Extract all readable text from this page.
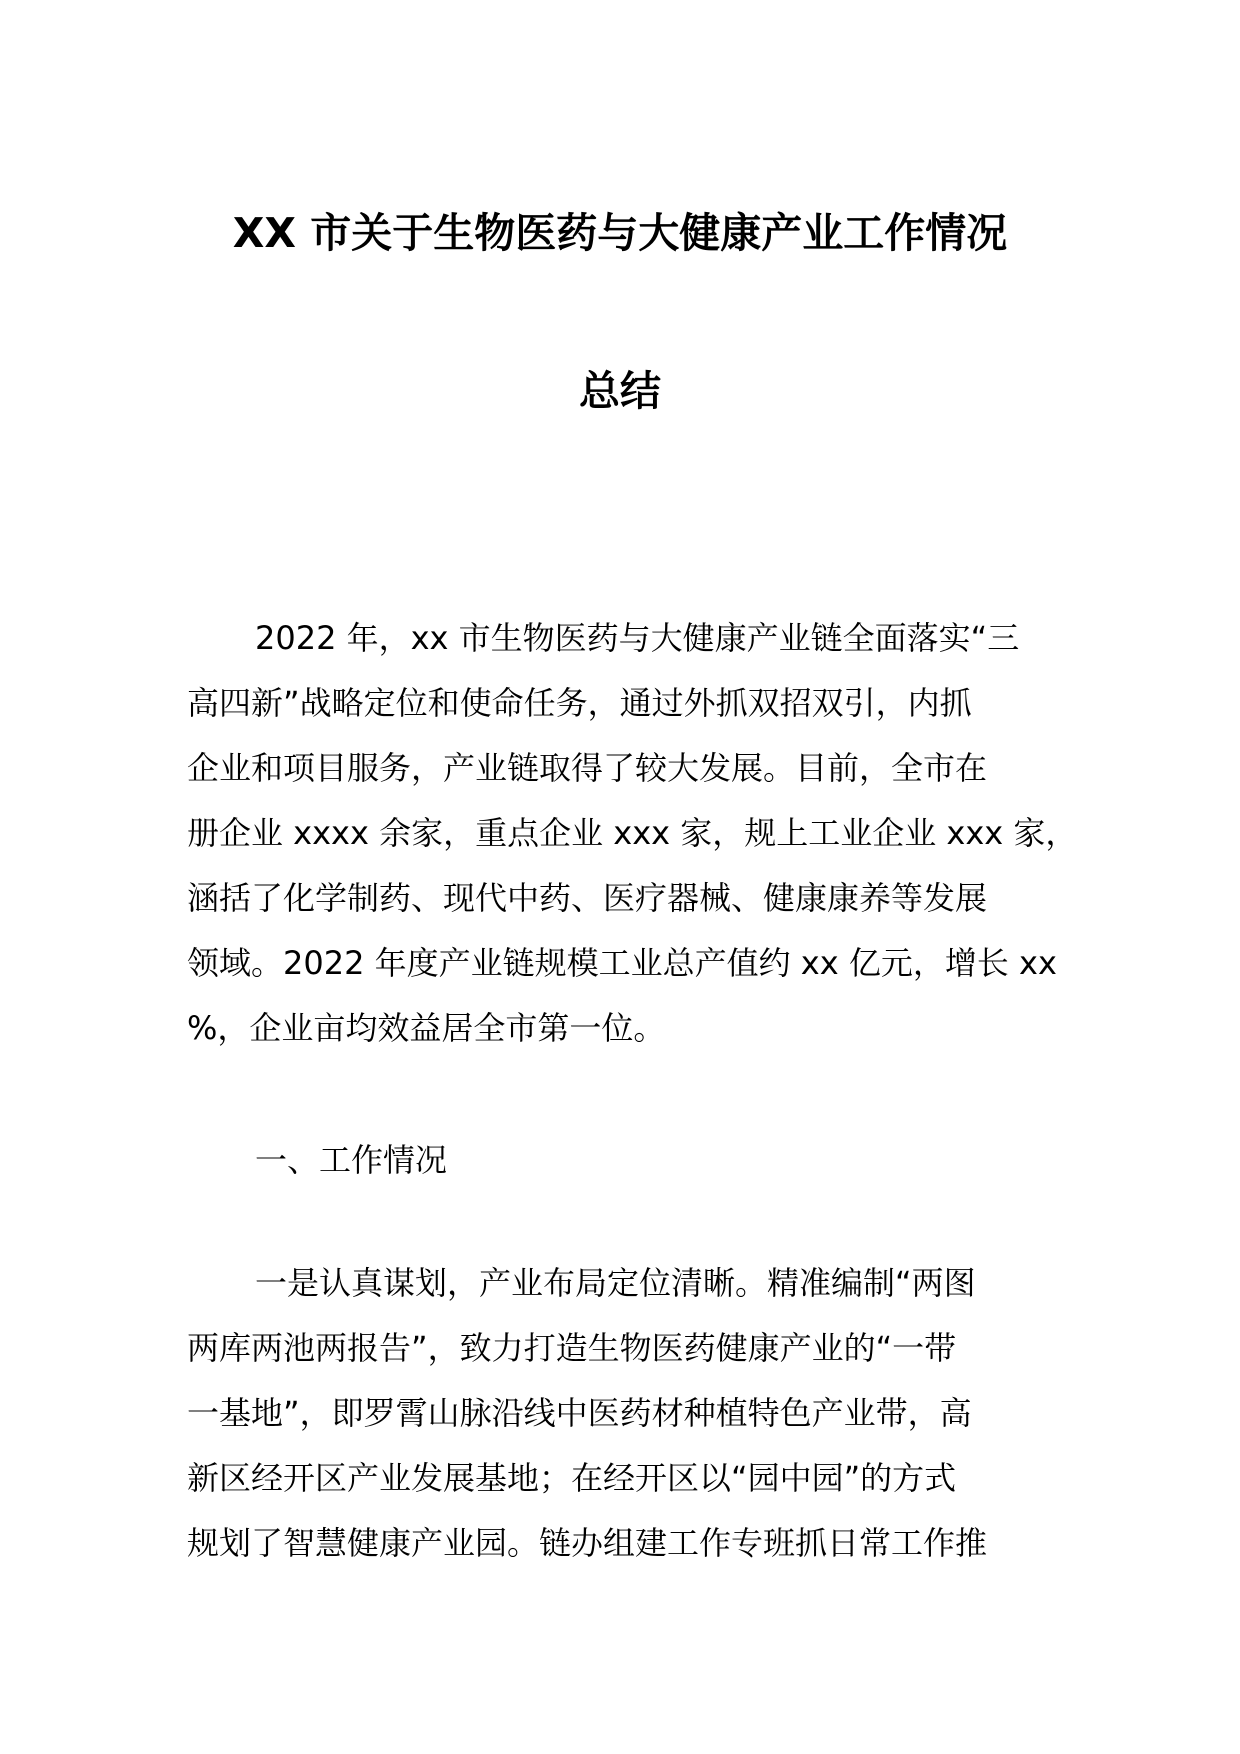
XX 市关于生物医药与大健康产业工作情况
总结
2022 年，xx 市生物医药与大健康产业链全面落实“三
高四新”战略定位和使命任务，通过外抓双招双引，内抓
企业和项目服务，产业链取得了较大发展。目前，全市在
册企业 xxxx 余家，重点企业 xxx 家，规上工业企业 xxx 家，
涵括了化学制药、现代中药、医疗器械、健康康养等发展
领域。2022 年度产业链规模工业总产值约 xx 亿元，增长 xx
%，企业亩均效益居全市第一位。
一、工作情况
一是认真谋划，产业布局定位清晰。精准编制“两图
两库两池两报告”，致力打造生物医药健康产业的“一带
一基地”，即罗霄山脉沿线中医药材种植特色产业带，高
新区经开区产业发展基地；在经开区以“园中园”的方式
规划了智慧健康产业园。链办组建工作专班抓日常工作推
